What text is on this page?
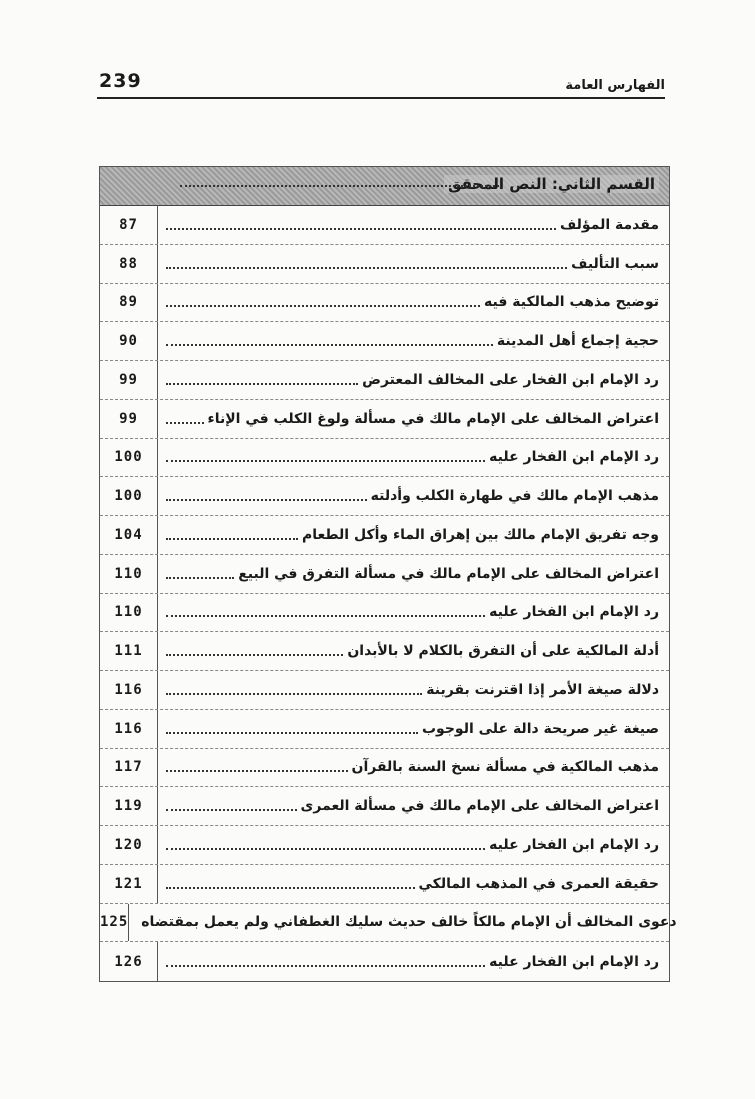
239	الفهارس العامة
القسم الثاني: النص المحقق
87	مقدمة المؤلف
88	سبب التأليف
89	توضيح مذهب المالكية فيه
90	حجية إجماع أهل المدينة
99	رد الإمام ابن الفخار على المخالف المعترض
99	اعتراض المخالف على الإمام مالك في مسألة ولوغ الكلب في الإناء
100	رد الإمام ابن الفخار عليه
100	مذهب الإمام مالك في طهارة الكلب وأدلته
104	وجه تفريق الإمام مالك بين إهراق الماء وأكل الطعام
110	اعتراض المخالف على الإمام مالك في مسألة التفرق في البيع
110	رد الإمام ابن الفخار عليه
111	أدلة المالكية على أن التفرق بالكلام لا بالأبدان
116	دلالة صيغة الأمر إذا اقترنت بقرينة
116	صيغة غير صريحة دالة على الوجوب
117	مذهب المالكية في مسألة نسخ السنة بالقرآن
119	اعتراض المخالف على الإمام مالك في مسألة العمرى
120	رد الإمام ابن الفخار عليه
121	حقيقة العمرى في المذهب المالكي
125 دعوى المخالف أن الإمام مالكاً خالف حديث سليك الغطفاني ولم يعمل بمقتضاه
126	رد الإمام ابن الفخار عليه
